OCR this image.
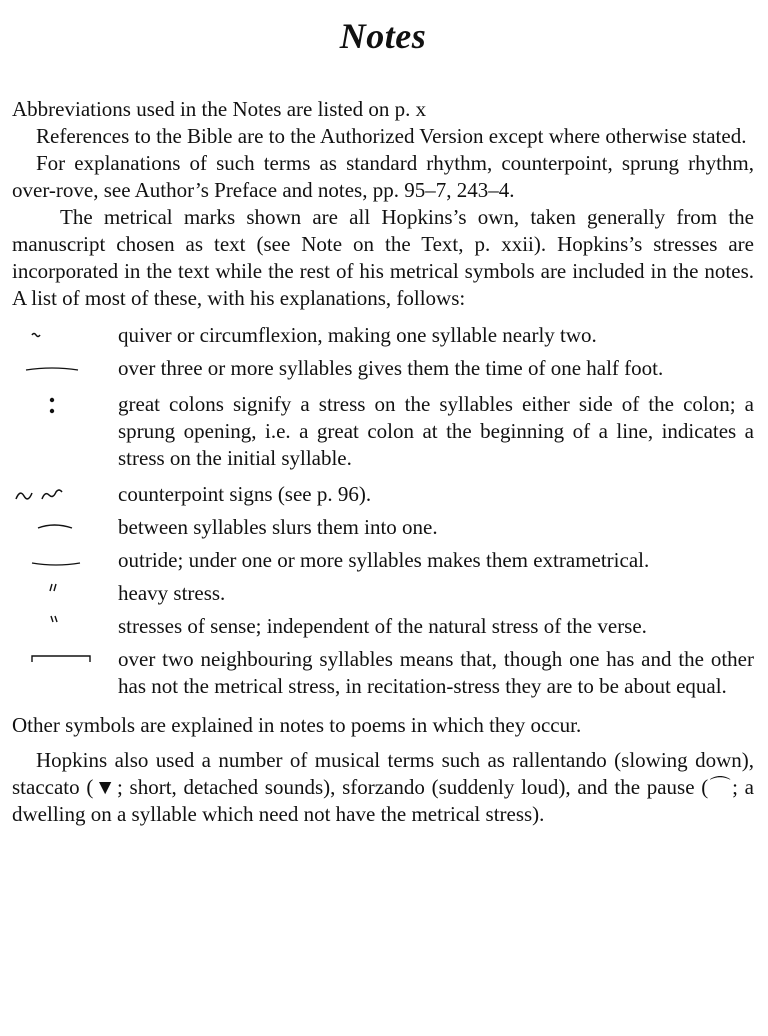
Notes

Abbreviations used in the Notes are listed on p. x

References to the Bible are to the Authorized Version except where otherwise stated.

For explanations of such terms as standard rhythm, counterpoint, sprung rhythm, over-rove, see Author’s Preface and notes, pp. 95–7, 243–4.

The metrical marks shown are all Hopkins’s own, taken generally from the manuscript chosen as text (see Note on the Text, p. xxii). Hopkins’s stresses are incorporated in the text while the rest of his metrical symbols are included in the notes. A list of most of these, with his explanations, follows:

quiver or circumflexion, making one syllable nearly two.
over three or more syllables gives them the time of one half foot.
great colons signify a stress on the syllables either side of the colon; a sprung opening, i.e. a great colon at the beginning of a line, indicates a stress on the initial syllable.
counterpoint signs (see p. 96).
between syllables slurs them into one.
outride; under one or more syllables makes them extrametrical.
heavy stress.
stresses of sense; independent of the natural stress of the verse.
over two neighbouring syllables means that, though one has and the other has not the metrical stress, in recitation-stress they are to be about equal.

Other symbols are explained in notes to poems in which they occur.

Hopkins also used a number of musical terms such as rallentando (slowing down), staccato (▼; short, detached sounds), sforzando (suddenly loud), and the pause (⌒; a dwelling on a syllable which need not have the metrical stress).
